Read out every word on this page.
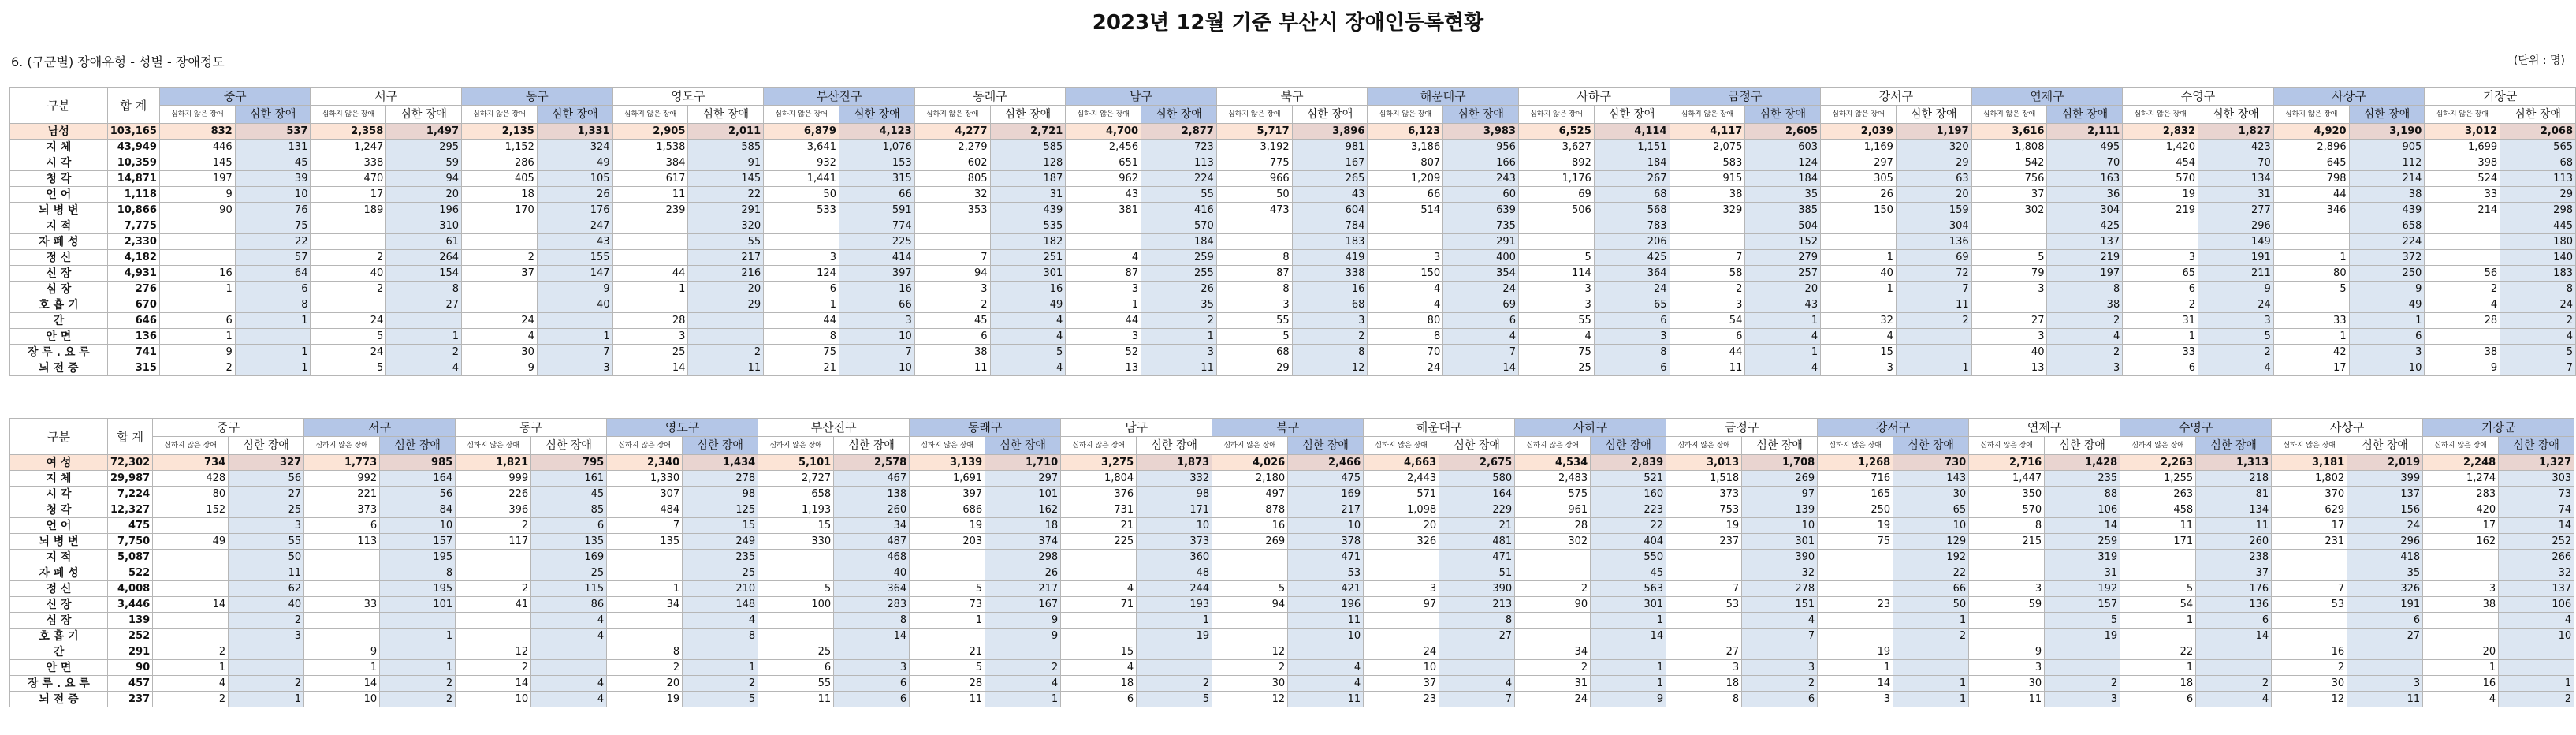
2023년 12월 기준 부산시 장애인등록현황
6. (구군별) 장애유형 - 성별 - 장애정도	(단위 : 명)
구분	합 계	중구		서구		동구		영도구		부산진구		동래구		남구		북구		해운대구		사하구		금정구		강서구		연제구		수영구		사상구		기장군	
		심하지 않은 장애	심한 장애	심하지 않은 장애	심한 장애	심하지 않은 장애	심한 장애	심하지 않은 장애	심한 장애	심하지 않은 장애	심한 장애	심하지 않은 장애	심한 장애	심하지 않은 장애	심한 장애	심하지 않은 장애	심한 장애	심하지 않은 장애	심한 장애	심하지 않은 장애	심한 장애	심하지 않은 장애	심한 장애	심하지 않은 장애	심한 장애	심하지 않은 장애	심한 장애	심하지 않은 장애	심한 장애	심하지 않은 장애	심한 장애	심하지 않은 장애	심한 장애
남성	103,165	832	537	2,358	1,497	2,135	1,331	2,905	2,011	6,879	4,123	4,277	2,721	4,700	2,877	5,717	3,896	6,123	3,983	6,525	4,114	4,117	2,605	2,039	1,197	3,616	2,111	2,832	1,827	4,920	3,190	3,012	2,068
지 체	43,949	446	131	1,247	295	1,152	324	1,538	585	3,641	1,076	2,279	585	2,456	723	3,192	981	3,186	956	3,627	1,151	2,075	603	1,169	320	1,808	495	1,420	423	2,896	905	1,699	565
시 각	10,359	145	45	338	59	286	49	384	91	932	153	602	128	651	113	775	167	807	166	892	184	583	124	297	29	542	70	454	70	645	112	398	68
청 각	14,871	197	39	470	94	405	105	617	145	1,441	315	805	187	962	224	966	265	1,209	243	1,176	267	915	184	305	63	756	163	570	134	798	214	524	113
언 어	1,118	9	10	17	20	18	26	11	22	50	66	32	31	43	55	50	43	66	60	69	68	38	35	26	20	37	36	19	31	44	38	33	29
뇌 병 변	10,866	90	76	189	196	170	176	239	291	533	591	353	439	381	416	473	604	514	639	506	568	329	385	150	159	302	304	219	277	346	439	214	298
지 적	7,775		75		310		247		320		774		535		570		784		735		783		504		304		425		296		658		445
자 폐 성	2,330		22		61		43		55		225		182		184		183		291		206		152		136		137		149		224		180
정 신	4,182		57	2	264	2	155		217	3	414	7	251	4	259	8	419	3	400	5	425	7	279	1	69	5	219	3	191	1	372		140
신 장	4,931	16	64	40	154	37	147	44	216	124	397	94	301	87	255	87	338	150	354	114	364	58	257	40	72	79	197	65	211	80	250	56	183
심 장	276	1	6	2	8		9	1	20	6	16	3	16	3	26	8	16	4	24	3	24	2	20	1	7	3	8	6	9	5	9	2	8
호 흡 기	670		8		27		40		29	1	66	2	49	1	35	3	68	4	69	3	65	3	43		11		38	2	24		49	4	24
간	646	6	1	24		24		28		44	3	45	4	44	2	55	3	80	6	55	6	54	1	32	2	27	2	31	3	33	1	28	2
안 면	136	1		5	1	4	1	3		8	10	6	4	3	1	5	2	8	4	4	3	6	4	4		3	4	1	5	1	6		4
장 루 . 요 루	741	9	1	24	2	30	7	25	2	75	7	38	5	52	3	68	8	70	7	75	8	44	1	15		40	2	33	2	42	3	38	5
뇌 전 증	315	2	1	5	4	9	3	14	11	21	10	11	4	13	11	29	12	24	14	25	6	11	4	3	1	13	3	6	4	17	10	9	7
구분	합 계	중구		서구		동구		영도구		부산진구		동래구		남구		북구		해운대구		사하구		금정구		강서구		연제구		수영구		사상구		기장군	
		심하지 않은 장애	심한 장애	심하지 않은 장애	심한 장애	심하지 않은 장애	심한 장애	심하지 않은 장애	심한 장애	심하지 않은 장애	심한 장애	심하지 않은 장애	심한 장애	심하지 않은 장애	심한 장애	심하지 않은 장애	심한 장애	심하지 않은 장애	심한 장애	심하지 않은 장애	심한 장애	심하지 않은 장애	심한 장애	심하지 않은 장애	심한 장애	심하지 않은 장애	심한 장애	심하지 않은 장애	심한 장애	심하지 않은 장애	심한 장애	심하지 않은 장애	심한 장애
여 성	72,302	734	327	1,773	985	1,821	795	2,340	1,434	5,101	2,578	3,139	1,710	3,275	1,873	4,026	2,466	4,663	2,675	4,534	2,839	3,013	1,708	1,268	730	2,716	1,428	2,263	1,313	3,181	2,019	2,248	1,327
지 체	29,987	428	56	992	164	999	161	1,330	278	2,727	467	1,691	297	1,804	332	2,180	475	2,443	580	2,483	521	1,518	269	716	143	1,447	235	1,255	218	1,802	399	1,274	303
시 각	7,224	80	27	221	56	226	45	307	98	658	138	397	101	376	98	497	169	571	164	575	160	373	97	165	30	350	88	263	81	370	137	283	73
청 각	12,327	152	25	373	84	396	85	484	125	1,193	260	686	162	731	171	878	217	1,098	229	961	223	753	139	250	65	570	106	458	134	629	156	420	74
언 어	475		3	6	10	2	6	7	15	15	34	19	18	21	10	16	10	20	21	28	22	19	10	19	10	8	14	11	11	17	24	17	14
뇌 병 변	7,750	49	55	113	157	117	135	135	249	330	487	203	374	225	373	269	378	326	481	302	404	237	301	75	129	215	259	171	260	231	296	162	252
지 적	5,087		50		195		169		235		468		298		360		471		471		550		390		192		319		238		418		266
자 폐 성	522		11		8		25		25		40		26		48		53		51		45		32		22		31		37		35		32
정 신	4,008		62		195	2	115	1	210	5	364	5	217	4	244	5	421	3	390	2	563	7	278		66	3	192	5	176	7	326	3	137
신 장	3,446	14	40	33	101	41	86	34	148	100	283	73	167	71	193	94	196	97	213	90	301	53	151	23	50	59	157	54	136	53	191	38	106
심 장	139		2				4		4		8	1	9		1		11		8		1		4		1		5	1	6		6		4
호 흡 기	252		3		1		4		8		14		9		19		10		27		14		7		2		19		14		27		10
간	291	2		9		12		8		25		21		15		12		24		34		27		19		9		22		16		20	
안 면	90	1		1	1	2		2	1	6	3	5	2	4		2	4	10		2	1	3	3	1		3		1		2		1	
장 루 . 요 루	457	4	2	14	2	14	4	20	2	55	6	28	4	18	2	30	4	37	4	31	1	18	2	14	1	30	2	18	2	30	3	16	1
뇌 전 증	237	2	1	10	2	10	4	19	5	11	6	11	1	6	5	12	11	23	7	24	9	8	6	3	1	11	3	6	4	12	11	4	2
